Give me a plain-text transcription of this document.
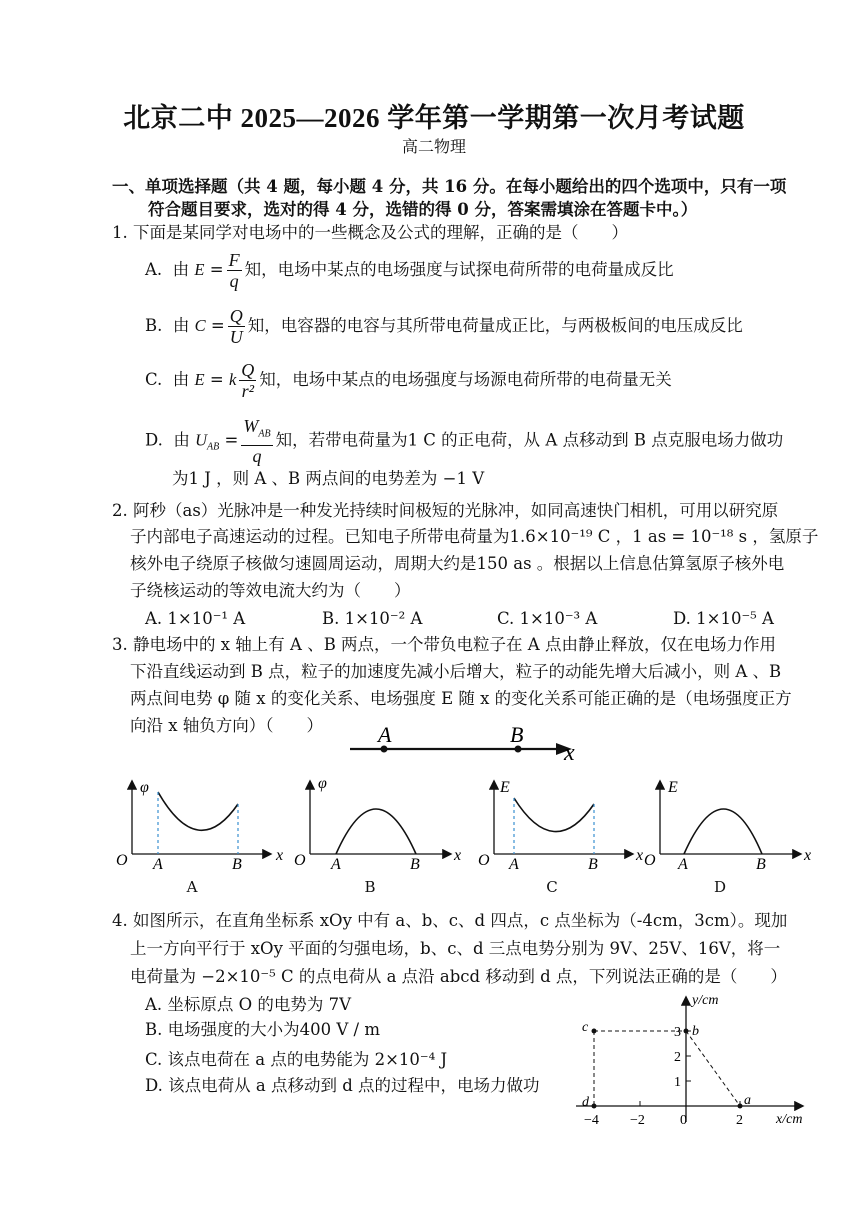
北京二中 2025—2026 学年第一学期第一次月考试题
高二物理
一、单项选择题（共 4 题，每小题 4 分，共 16 分。在每小题给出的四个选项中，只有一项
符合题目要求，选对的得 4 分，选错的得 0 分，答案需填涂在答题卡中。）
1. 下面是某同学对电场中的一些概念及公式的理解，正确的是（　　）
A.  由 $E = \frac{F}{q}$ 知，电场中某点的电场强度与试探电荷所带的电荷量成反比
B.  由 $C = \frac{Q}{U}$ 知，电容器的电容与其所带电荷量成正比，与两极板间的电压成反比
C.  由 E = k $\frac{Q}{\text{r²}}$ 知，电场中某点的电场强度与场源电荷所带的电荷量无关
D.  由 $U_{AB} = \frac{W_{AB}}{q}$ 知，若带电荷量为1 C 的正电荷，从 A 点移动到 B 点克服电场力做功
为1 J ，则 A 、B 两点间的电势差为 −1 V
2. 阿秒（as）光脉冲是一种发光持续时间极短的光脉冲，如同高速快门相机，可用以研究原
子内部电子高速运动的过程。已知电子所带电荷量为1.6×10⁻¹⁹ C ，1 as = 10⁻¹⁸ s ，氢原子
核外电子绕原子核做匀速圆周运动，周期大约是150 as 。根据以上信息估算氢原子核外电
子绕核运动的等效电流大约为（　　）
A. 1×10⁻¹ A	B. 1×10⁻² A	C. 1×10⁻³ A	D. 1×10⁻⁵ A
3. 静电场中的 x 轴上有 A 、B 两点，一个带负电粒子在 A 点由静止释放，仅在电场力作用
下沿直线运动到 B 点，粒子的加速度先减小后增大，粒子的动能先增大后减小，则 A 、B
两点间电势 φ 随 x 的变化关系、电场强度 E 随 x 的变化关系可能正确的是（电场强度正方
向沿 x 轴负方向）（　　） A	B
x
φ
O A	B
x
φ
O A	B
x
E
O A	B
x
E
O A	B
x
A	B	C	D
4. 如图所示，在直角坐标系 xOy 中有 a、b、c、d 四点，c 点坐标为（-4cm，3cm）。现加
上一方向平行于 xOy 平面的匀强电场，b、c、d 三点电势分别为 9V、25V、16V，将一
电荷量为 −2×10⁻⁵ C 的点电荷从 a 点沿 abcd 移动到 d 点，下列说法正确的是（　　）
A. 坐标原点 O 的电势为 7V
B. 电场强度的大小为400 V / m
C. 该点电荷在 a 点的电势能为 2×10⁻⁴ J
D. 该点电荷从 a 点移动到 d 点的过程中，电场力做功
y/cm
x/cm
−4 −2	0	2
1
2
3
a
b
c
d
